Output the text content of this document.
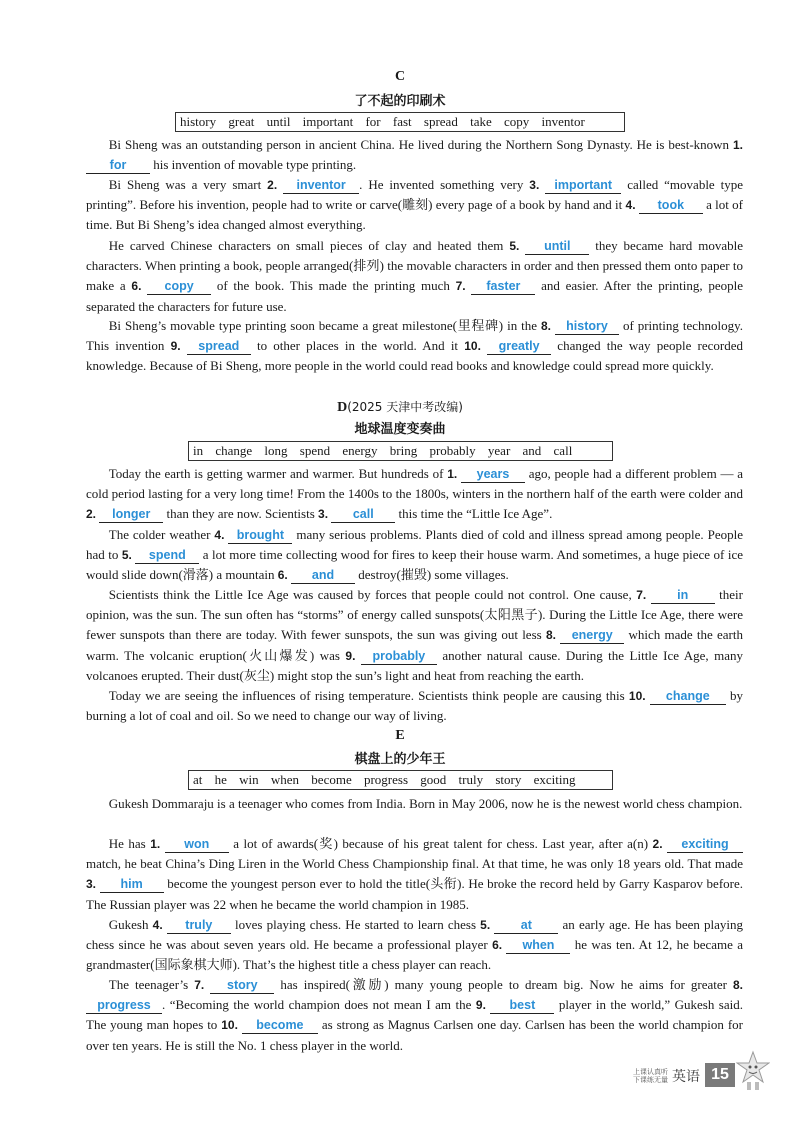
C
了不起的印刷术
history great until important for fast spread take copy inventor
Bi Sheng was an outstanding person in ancient China. He lived during the Northern Song Dynasty. He is best-known 1. for his invention of movable type printing.
Bi Sheng was a very smart 2. inventor . He invented something very 3. important called “movable type printing”. Before his invention, people had to write or carve(雕刻) every page of a book by hand and it 4. took a lot of time. But Bi Sheng’s idea changed almost everything.
He carved Chinese characters on small pieces of clay and heated them 5. until they became hard movable characters. When printing a book, people arranged(排列) the movable characters in order and then pressed them onto paper to make a 6. copy of the book. This made the printing much 7. faster and easier. After the printing, people separated the characters for future use.
Bi Sheng’s movable type printing soon became a great milestone(里程碑) in the 8. history of printing technology. This invention 9. spread to other places in the world. And it 10. greatly changed the way people recorded knowledge. Because of Bi Sheng, more people in the world could read books and knowledge could spread more quickly.
D(2025 天津中考改编)
地球温度变奏曲
in change long spend energy bring probably year and call
Today the earth is getting warmer and warmer. But hundreds of 1. years ago, people had a different problem — a cold period lasting for a very long time! From the 1400s to the 1800s, winters in the northern half of the earth were colder and 2. longer than they are now. Scientists 3. call this time the “Little Ice Age”.
The colder weather 4. brought many serious problems. Plants died of cold and illness spread among people. People had to 5. spend a lot more time collecting wood for fires to keep their house warm. And sometimes, a huge piece of ice would slide down(滑落) a mountain 6. and destroy(摧毁) some villages.
Scientists think the Little Ice Age was caused by forces that people could not control. One cause, 7. in their opinion, was the sun. The sun often has “storms” of energy called sunspots(太阳黑子). During the Little Ice Age, there were fewer sunspots than there are today. With fewer sunspots, the sun was giving out less 8. energy which made the earth warm. The volcanic eruption(火山爆发) was 9. probably another natural cause. During the Little Ice Age, many volcanoes erupted. Their dust(灰尘) might stop the sun’s light and heat from reaching the earth.
Today we are seeing the influences of rising temperature. Scientists think people are causing this 10. change by burning a lot of coal and oil. So we need to change our way of living.
E
棋盘上的少年王
at he win when become progress good truly story exciting
Gukesh Dommaraju is a teenager who comes from India. Born in May 2006, now he is the newest world chess champion.
He has 1. won a lot of awards(奖) because of his great talent for chess. Last year, after a(n) 2. exciting match, he beat China’s Ding Liren in the World Chess Championship final. At that time, he was only 18 years old. That made 3. him become the youngest person ever to hold the title(头衔). He broke the record held by Garry Kasparov before. The Russian player was 22 when he became the world champion in 1985.
Gukesh 4. truly loves playing chess. He started to learn chess 5. at an early age. He has been playing chess since he was about seven years old. He became a professional player 6. when he was ten. At 12, he became a grandmaster(国际象棋大师). That’s the highest title a chess player can reach.
The teenager’s 7. story has inspired(激励) many young people to dream big. Now he aims for greater 8. progress . “Becoming the world champion does not mean I am the 9. best player in the world,” Gukesh said. The young man hopes to 10. become as strong as Magnus Carlsen one day. Carlsen has been the world champion for over ten years. He is still the No. 1 chess player in the world.
上课认真听
下课练无量 英语 15
